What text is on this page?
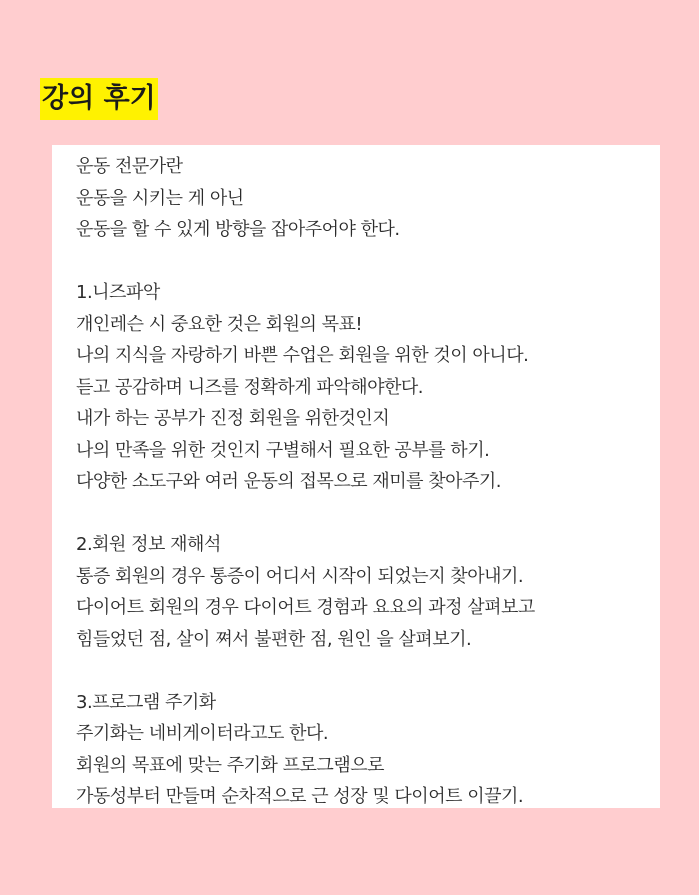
강의 후기
운동 전문가란
운동을 시키는 게 아닌
운동을 할 수 있게 방향을 잡아주어야 한다.
1.니즈파악
개인레슨 시 중요한 것은 회원의 목표!
나의 지식을 자랑하기 바쁜 수업은 회원을 위한 것이 아니다.
듣고 공감하며 니즈를 정확하게 파악해야한다.
내가 하는 공부가 진정 회원을 위한것인지
나의 만족을 위한 것인지 구별해서 필요한 공부를 하기.
다양한 소도구와 여러 운동의 접목으로 재미를 찾아주기.
2.회원 정보 재해석
통증 회원의 경우 통증이 어디서 시작이 되었는지 찾아내기.
다이어트 회원의 경우 다이어트 경험과 요요의 과정 살펴보고
힘들었던 점, 살이 쪄서 불편한 점, 원인 을 살펴보기.
3.프로그램 주기화
주기화는 네비게이터라고도 한다.
회원의 목표에 맞는 주기화 프로그램으로
가동성부터 만들며 순차적으로 근 성장 및 다이어트 이끌기.
